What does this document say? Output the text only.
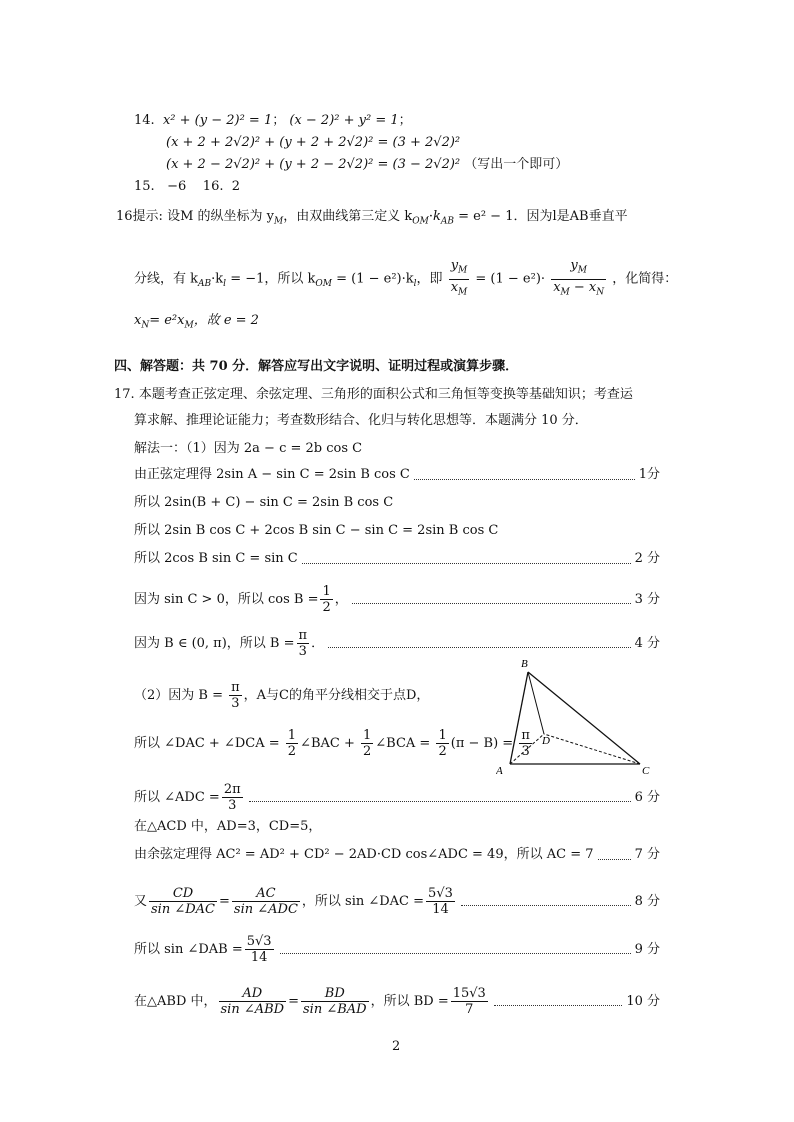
14. x² + (y − 2)² = 1； (x − 2)² + y² = 1；
(x + 2 + 2√2)² + (y + 2 + 2√2)² = (3 + 2√2)²
(x + 2 − 2√2)² + (y + 2 − 2√2)² = (3 − 2√2)² （写出一个即可）
15. −6 16. 2
16提示: 设M 的纵坐标为 $y_M$，由双曲线第三定义 $k_{OM}\cdot k_{AB} = e^2 - 1$．因为l是AB垂直平
分线，有 $k_{AB}\cdot k_l = -1$，所以 $k_{OM} = (1 - e^2)\cdot k_l$，即 $\frac{y_M}{x_M} = (1 - e^2)\cdot \frac{y_M}{x_M - x_N}$ ，化简得：
$x_N= e^2x_M$，故 e = 2
四、解答题：共 70 分．解答应写出文字说明、证明过程或演算步骤．
17. 本题考查正弦定理、余弦定理、三角形的面积公式和三角恒等变换等基础知识；考查运
算求解、推理论证能力；考查数形结合、化归与转化思想等．本题满分 10 分．
解法一：（1）因为 2a − c = 2b cos C
由正弦定理得 2sin A − sin C = 2sin B cos C	1分
所以 2sin(B + C) − sin C = 2sin B cos C
所以 2sin B cos C + 2cos B sin C − sin C = 2sin B cos C
所以 2cos B sin C = sin C	2 分
因为 sin C > 0，所以 $\cos B = \frac{1}{2}$ ，	3 分
因为 B ∈ (0, π)，所以 $B = \frac{\pi}{3}$ ．	4 分
（2）因为 $B = \frac{\pi}{3}$ ，A与C的角平分线相交于点D，
所以 ∠DAC + ∠DCA = $\frac{1}{2}$ ∠BAC + $\frac{1}{2}$ ∠BCA = $\frac{1}{2} (\pi - B) = \frac{\pi}{3}$
所以 ∠ADC = $\frac{2\pi}{3}$	6 分
在△ACD 中，AD=3，CD=5，
由余弦定理得 AC² = AD² + CD² − 2AD·CD cos∠ADC = 49，所以 AC = 7	7 分
又 $\frac{CD}{\text{sin ∠DAC}} = \frac{AC}{\text{sin ∠ADC}}$ ，所以 sin ∠DAC = $\frac{5√3}{14}$	8 分
所以 sin ∠DAB = $\frac{5√3}{14}$	9 分
在△ABD 中， $\frac{AD}{\text{sin ∠ABD}} = \frac{BD}{\text{sin ∠BAD}}$ ，所以 BD = $\frac{15√3}{7}$	10 分
B
D
A	C
2
